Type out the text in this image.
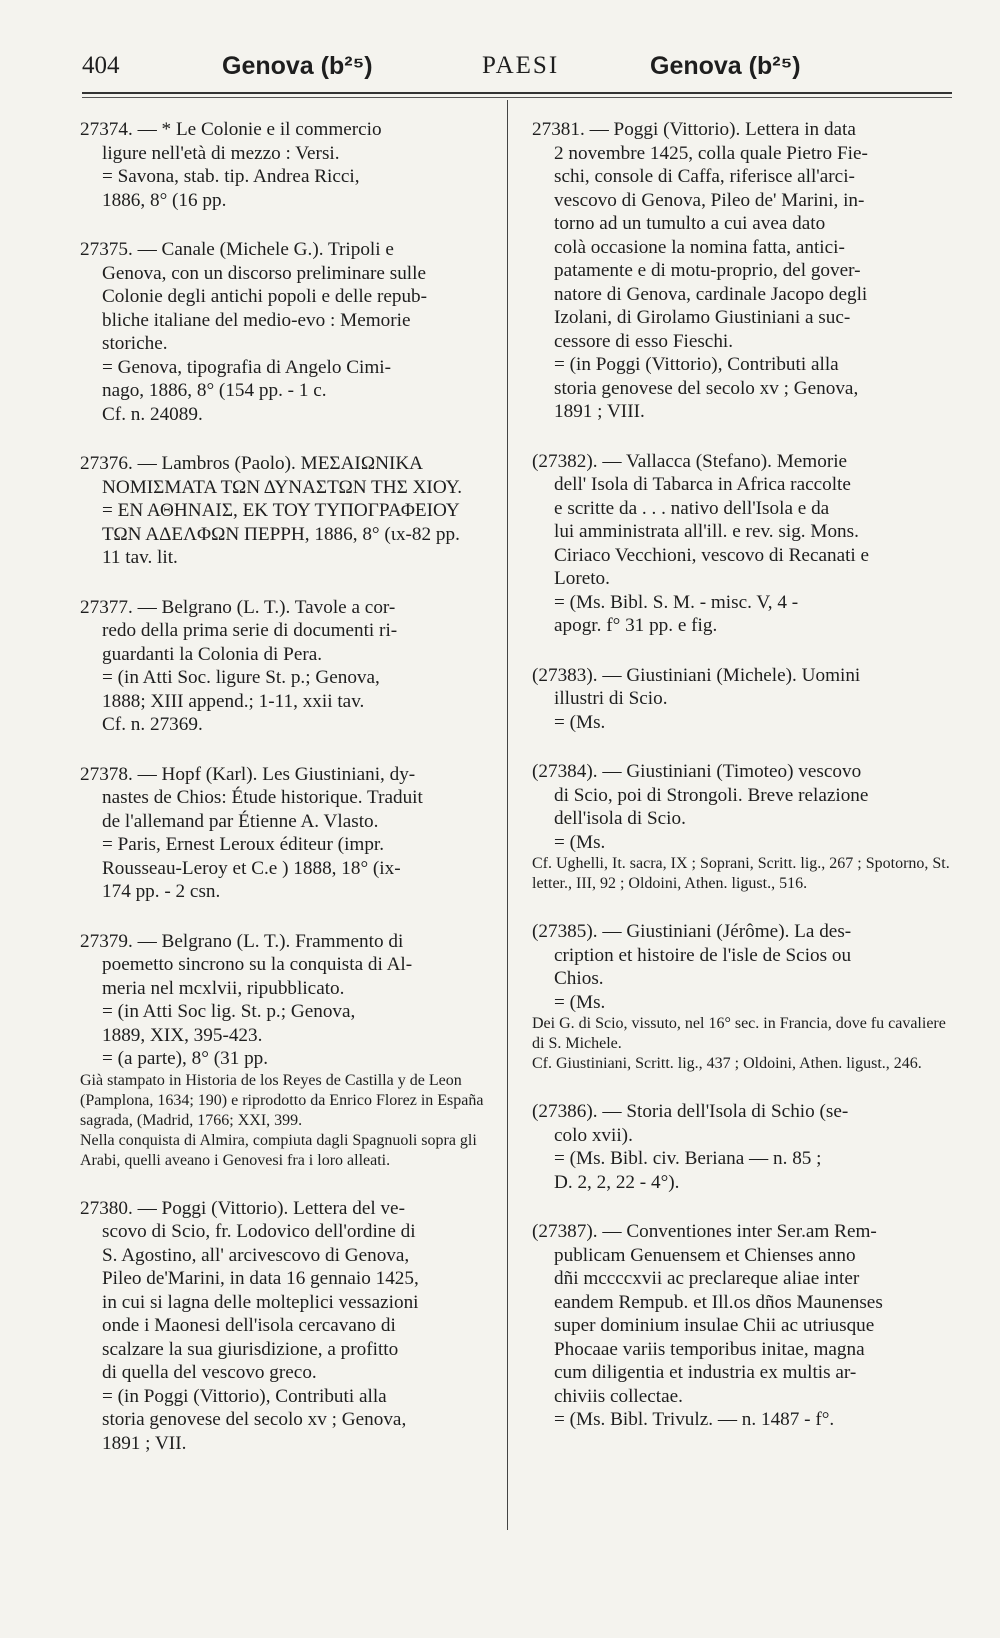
404	Genova (b²⁵)	PAESI	Genova (b²⁵)
27374. — * Le Colonie e il commercio
ligure nell'età di mezzo : Versi.
= Savona, stab. tip. Andrea Ricci,
1886, 8° (16 pp.
27375. — Canale (Michele G.). Tripoli e
Genova, con un discorso preliminare sulle
Colonie degli antichi popoli e delle repub-
bliche italiane del medio-evo : Memorie
storiche.
= Genova, tipografia di Angelo Cimi-
nago, 1886, 8° (154 pp. - 1 c.
Cf. n. 24089.
27376. — Lambros (Paolo). ΜΕΣΑΙΩΝΙΚΑ
ΝΟΜΙΣΜΑΤΑ ΤΩΝ ΔΥΝΑΣΤΩΝ ΤΗΣ ΧΙΟΥ.
= ΕΝ ΑΘΗΝΑΙΣ, ΕΚ ΤΟΥ ΤΥΠΟΓΡΑΦΕΙΟΥ
ΤΩΝ ΑΔΕΛΦΩΝ ΠΕΡΡΗ, 1886, 8° (ιx-82 pp.
11 tav. lit.
27377. — Belgrano (L. T.). Tavole a cor-
redo della prima serie di documenti ri-
guardanti la Colonia di Pera.
= (in Atti Soc. ligure St. p.; Genova,
1888; XIII append.; 1-11, xxii tav.
Cf. n. 27369.
27378. — Hopf (Karl). Les Giustiniani, dy-
nastes de Chios: Étude historique. Traduit
de l'allemand par Étienne A. Vlasto.
= Paris, Ernest Leroux éditeur (impr.
Rousseau-Leroy et C.e ) 1888, 18° (ix-
174 pp. - 2 csn.
27379. — Belgrano (L. T.). Frammento di
poemetto sincrono su la conquista di Al-
meria nel mcxlvii, ripubblicato.
= (in Atti Soc lig. St. p.; Genova,
1889, XIX, 395-423.
= (a parte), 8° (31 pp.

Già stampato in Historia de los Reyes de Castilla y de Leon (Pamplona, 1634; 190) e riprodotto da Enrico Florez in España sagrada, (Madrid, 1766; XXI, 399.

Nella conquista di Almira, compiuta dagli Spagnuoli sopra gli Arabi, quelli aveano i Genovesi fra i loro alleati.

27380. — Poggi (Vittorio). Lettera del ve-
scovo di Scio, fr. Lodovico dell'ordine di
S. Agostino, all' arcivescovo di Genova,
Pileo de'Marini, in data 16 gennaio 1425,
in cui si lagna delle molteplici vessazioni
onde i Maonesi dell'isola cercavano di
scalzare la sua giurisdizione, a profitto
di quella del vescovo greco.
= (in Poggi (Vittorio), Contributi alla
storia genovese del secolo xv ; Genova,
1891 ; VII.
27381. — Poggi (Vittorio). Lettera in data
2 novembre 1425, colla quale Pietro Fie-
schi, console di Caffa, riferisce all'arci-
vescovo di Genova, Pileo de' Marini, in-
torno ad un tumulto a cui avea dato
colà occasione la nomina fatta, antici-
patamente e di motu-proprio, del gover-
natore di Genova, cardinale Jacopo degli
Izolani, di Girolamo Giustiniani a suc-
cessore di esso Fieschi.
= (in Poggi (Vittorio), Contributi alla
storia genovese del secolo xv ; Genova,
1891 ; VIII.
(27382). — Vallacca (Stefano). Memorie
dell' Isola di Tabarca in Africa raccolte
e scritte da . . . nativo dell'Isola e da
lui amministrata all'ill. e rev. sig. Mons.
Ciriaco Vecchioni, vescovo di Recanati e
Loreto.
= (Ms. Bibl. S. M. - misc. V, 4 -
apogr. f° 31 pp. e fig.
(27383). — Giustiniani (Michele). Uomini
illustri di Scio.
= (Ms.
(27384). — Giustiniani (Timoteo) vescovo
di Scio, poi di Strongoli. Breve relazione
dell'isola di Scio.
= (Ms.

Cf. Ughelli, It. sacra, IX ; Soprani, Scritt. lig., 267 ; Spotorno, St. letter., III, 92 ; Oldoini, Athen. ligust., 516.

(27385). — Giustiniani (Jérôme). La des-
cription et histoire de l'isle de Scios ou
Chios.
= (Ms.

Dei G. di Scio, vissuto, nel 16° sec. in Francia, dove fu cavaliere di S. Michele.

Cf. Giustiniani, Scritt. lig., 437 ; Oldoini, Athen. ligust., 246.

(27386). — Storia dell'Isola di Schio (se-
colo xvii).
= (Ms. Bibl. civ. Beriana — n. 85 ;
D. 2, 2, 22 - 4°).
(27387). — Conventiones inter Ser.am Rem-
publicam Genuensem et Chienses anno
dñi mccccxvii ac preclareque aliae inter
eandem Rempub. et Ill.os dños Maunenses
super dominium insulae Chii ac utriusque
Phocaae variis temporibus initae, magna
cum diligentia et industria ex multis ar-
chiviis collectae.
= (Ms. Bibl. Trivulz. — n. 1487 - f°.
